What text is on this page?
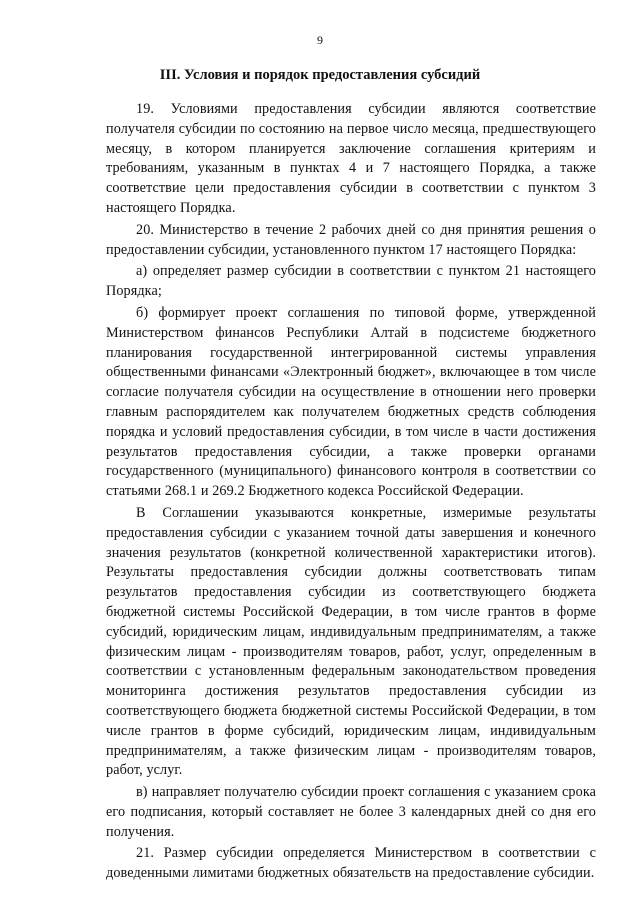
9
III. Условия и порядок предоставления субсидий

19. Условиями предоставления субсидии являются соответствие получателя субсидии по состоянию на первое число месяца, предшествующего месяцу, в котором планируется заключение соглашения критериям и требованиям, указанным в пунктах 4 и 7 настоящего Порядка, а также соответствие цели предоставления субсидии в соответствии с пунктом 3 настоящего Порядка.

20. Министерство в течение 2 рабочих дней со дня принятия решения о предоставлении субсидии, установленного пунктом 17 настоящего Порядка:

а) определяет размер субсидии в соответствии с пунктом 21 настоящего Порядка;

б) формирует проект соглашения по типовой форме, утвержденной Министерством финансов Республики Алтай в подсистеме бюджетного планирования государственной интегрированной системы управления общественными финансами «Электронный бюджет», включающее в том числе согласие получателя субсидии на осуществление в отношении него проверки главным распорядителем как получателем бюджетных средств соблюдения порядка и условий предоставления субсидии, в том числе в части достижения результатов предоставления субсидии, а также проверки органами государственного (муниципального) финансового контроля в соответствии со статьями 268.1 и 269.2 Бюджетного кодекса Российской Федерации.

В Соглашении указываются конкретные, измеримые результаты предоставления субсидии с указанием точной даты завершения и конечного значения результатов (конкретной количественной характеристики итогов). Результаты предоставления субсидии должны соответствовать типам результатов предоставления субсидии из соответствующего бюджета бюджетной системы Российской Федерации, в том числе грантов в форме субсидий, юридическим лицам, индивидуальным предпринимателям, а также физическим лицам - производителям товаров, работ, услуг, определенным в соответствии с установленным федеральным законодательством проведения мониторинга достижения результатов предоставления субсидии из соответствующего бюджета бюджетной системы Российской Федерации, в том числе грантов в форме субсидий, юридическим лицам, индивидуальным предпринимателям, а также физическим лицам - производителям товаров, работ, услуг.

в) направляет получателю субсидии проект соглашения с указанием срока его подписания, который составляет не более 3 календарных дней со дня его получения.

21. Размер субсидии определяется Министерством в соответствии с доведенными лимитами бюджетных обязательств на предоставление субсидии.
